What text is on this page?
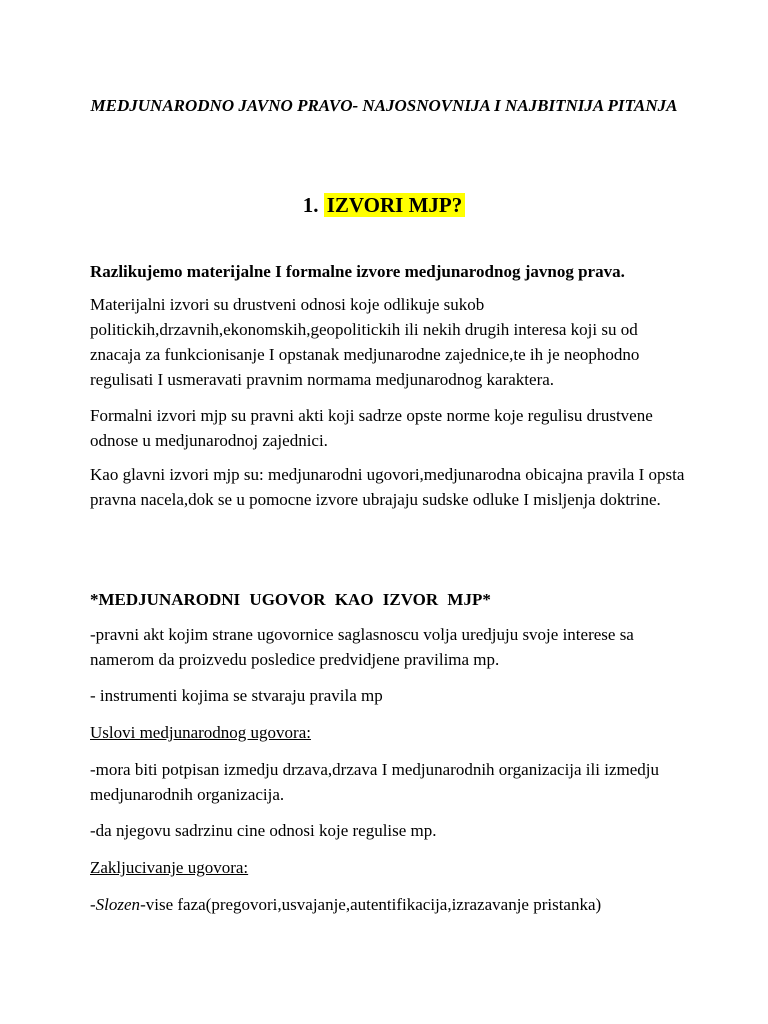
MEDJUNARODNO JAVNO PRAVO- NAJOSNOVNIJA I NAJBITNIJA PITANJA

1. IZVORI MJP?

Razlikujemo materijalne I formalne izvore medjunarodnog javnog prava.

Materijalni izvori su drustveni odnosi koje odlikuje sukob politickih,drzavnih,ekonomskih,geopolitickih ili nekih drugih interesa koji su od znacaja za funkcionisanje I opstanak medjunarodne zajednice,te ih je neophodno regulisati I usmeravati pravnim normama medjunarodnog karaktera.

Formalni izvori mjp su pravni akti koji sadrze opste norme koje regulisu drustvene odnose u medjunarodnoj zajednici.

Kao glavni izvori mjp su: medjunarodni ugovori,medjunarodna obicajna pravila I opsta pravna nacela,dok se u pomocne izvore ubrajaju sudske odluke I misljenja doktrine.

*MEDJUNARODNI UGOVOR KAO IZVOR MJP*

-pravni akt kojim strane ugovornice saglasnoscu volja uredjuju svoje interese sa namerom da proizvedu posledice predvidjene pravilima mp.

- instrumenti kojima se stvaraju pravila mp

Uslovi medjunarodnog ugovora:

-mora biti potpisan izmedju drzava,drzava I medjunarodnih organizacija ili izmedju medjunarodnih organizacija.

-da njegovu sadrzinu cine odnosi koje regulise mp.

Zakljucivanje ugovora:

-Slozen-vise faza(pregovori,usvajanje,autentifikacija,izrazavanje pristanka)
